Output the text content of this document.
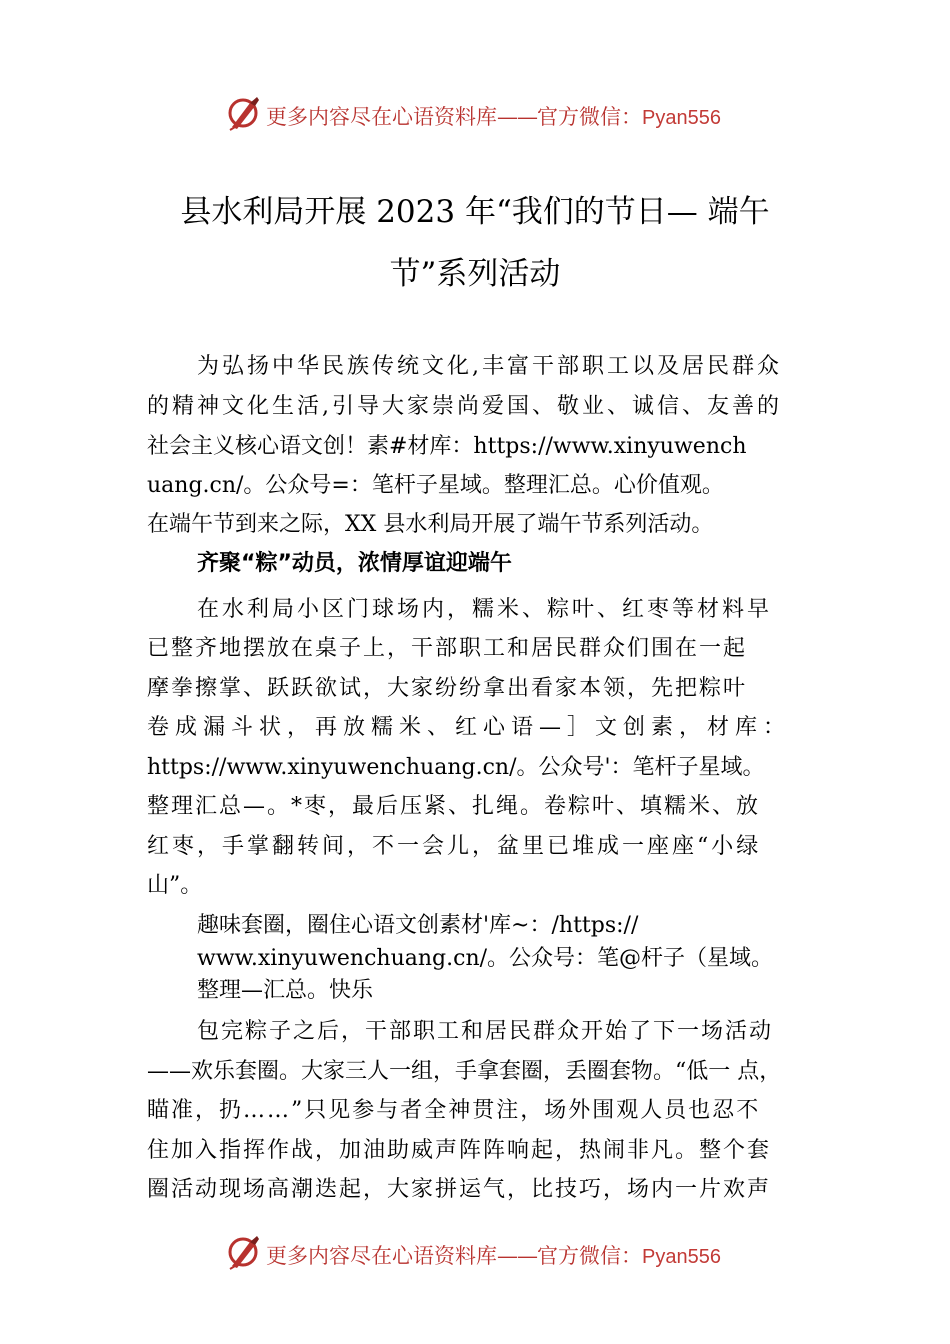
更多内容尽在心语资料库——官方微信：Pyan556
县水利局开展 2023 年“我们的节日— 端午
节”系列活动
为弘扬中华民族传统文化,丰富干部职工以及居民群众
的精神文化生活,引导大家崇尚爱国、敬业、诚信、友善的
社会主义核心语文创！素#材库：https://www.xinyuwench
uang.cn/。公众号=：笔杆子星域。整理汇总。心价值观。
在端午节到来之际，XX 县水利局开展了端午节系列活动。
齐聚“粽”动员，浓情厚谊迎端午
在水利局小区门球场内，糯米、粽叶、红枣等材料早
已整齐地摆放在桌子上，干部职工和居民群众们围在一起
摩拳擦掌、跃跃欲试，大家纷纷拿出看家本领，先把粽叶
卷成漏斗状，再放糯米、红心语—］文创素，材库：
https://www.xinyuwenchuang.cn/。公众号'：笔杆子星域。
整理汇总—。*枣，最后压紧、扎绳。卷粽叶、填糯米、放
红枣，手掌翻转间，不一会儿，盆里已堆成一座座“小绿
山”。
趣味套圈，圈住心语文创素材'库~：/https://
www.xinyuwenchuang.cn/。公众号：笔@杆子（星域。
整理—汇总。快乐
包完粽子之后，干部职工和居民群众开始了下一场活动
——欢乐套圈。大家三人一组，手拿套圈，丢圈套物。“低一 点，
瞄准，扔……”只见参与者全神贯注，场外围观人员也忍不
住加入指挥作战，加油助威声阵阵响起，热闹非凡。整个套
圈活动现场高潮迭起，大家拼运气，比技巧，场内一片欢声
更多内容尽在心语资料库——官方微信：Pyan556
